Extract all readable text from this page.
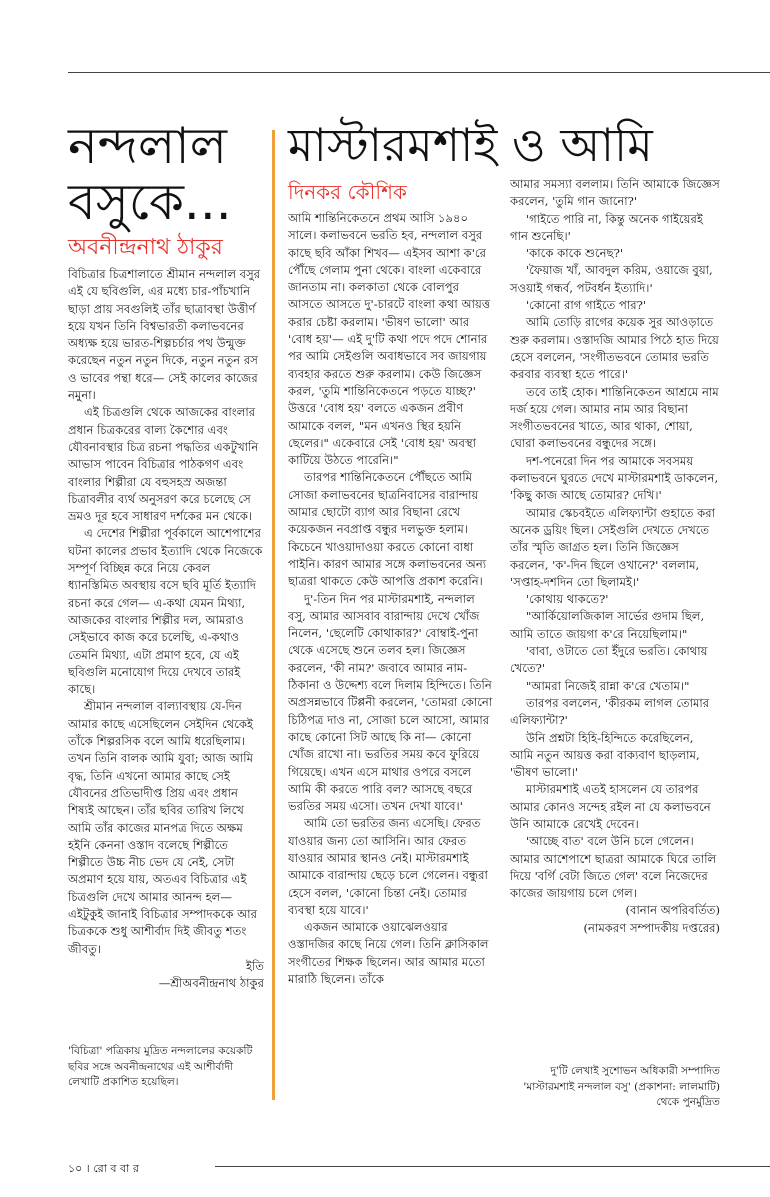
নন্দলাল বসুকে...
অবনীন্দ্রনাথ ঠাকুর
মাস্টারমশাই ও আমি
দিনকর কৌশিক

বিচিত্রার চিত্রশালাতে শ্রীমান নন্দলাল বসুর এই যে ছবিগুলি, এর মধ্যে চার-পাঁচখানি ছাড়া প্রায় সবগুলিই তাঁর ছাত্রাবস্থা উত্তীর্ণ হয়ে যখন তিনি বিশ্বভারতী কলাভবনের অধ্যক্ষ হয়ে ভারত-শিল্পচর্চার পথ উন্মুক্ত করেছেন নতুন নতুন দিকে, নতুন নতুন রস ও ভাবের পন্থা ধরে— সেই কালের কাজের নমুনা।

এই চিত্রগুলি থেকে আজকের বাংলার প্রধান চিত্রকরের বাল্য কৈশোর এবং যৌবনাবস্থার চিত্র রচনা পদ্ধতির একটুখানি আভাস পাবেন বিচিত্রার পাঠকগণ এবং বাংলার শিল্পীরা যে বহুসহস্র অজন্তা চিত্রাবলীর ব্যর্থ অনুসরণ করে চলেছে সে ভ্রমও দূর হবে সাধারণ দর্শকের মন থেকে।

এ দেশের শিল্পীরা পূর্বকালে আশেপাশের ঘটনা কালের প্রভাব ইত্যাদি থেকে নিজেকে সম্পূর্ণ বিচ্ছিন্ন করে নিয়ে কেবল ধ্যানস্তিমিত অবস্থায় বসে ছবি মূর্তি ইত্যাদি রচনা করে গেল— এ-কথা যেমন মিথ্যা, আজকের বাংলার শিল্পীর দল, আমরাও সেইভাবে কাজ করে চলেছি, এ-কথাও তেমনি মিথ্যা, এটা প্রমাণ হবে, যে এই ছবিগুলি মনোযোগ দিয়ে দেখবে তারই কাছে।

শ্রীমান নন্দলাল বাল্যাবস্থায় যে-দিন আমার কাছে এসেছিলেন সেইদিন থেকেই তাঁকে শিল্পরসিক বলে আমি ধরেছিলাম। তখন তিনি বালক আমি যুবা; আজ আমি বৃদ্ধ, তিনি এখনো আমার কাছে সেই যৌবনের প্রতিভাদীপ্ত প্রিয় এবং প্রধান শিষ্যই আছেন। তাঁর ছবির তারিখ লিখে আমি তাঁর কাজের মানপত্র দিতে অক্ষম হইনি কেননা ওস্তাদ বলেছে শিল্পীতে শিল্পীতে উচ্চ নীচ ভেদ যে নেই, সেটা অপ্রমাণ হয়ে যায়, অতএব বিচিত্রার এই চিত্রগুলি দেখে আমার আনন্দ হল— এইটুকুই জানাই বিচিত্রার সম্পাদককে আর চিত্রককে শুধু আশীর্বাদ দিই জীবতু শতং জীবতু।

ইতি
—শ্রীঅবনীন্দ্রনাথ ঠাকুর

'বিচিত্রা' পত্রিকায় মুদ্রিত নন্দলালের কয়েকটি ছবির সঙ্গে অবনীন্দ্রনাথের এই আশীর্বাদী লেখাটি প্রকাশিত হয়েছিল।

আমি শান্তিনিকেতনে প্রথম আসি ১৯৪০ সালে। কলাভবনে ভরতি হব, নন্দলাল বসুর কাছে ছবি আঁকা শিখব— এইসব আশা ক'রে পৌঁছে গেলাম পুনা থেকে। বাংলা একেবারে জানতাম না। কলকাতা থেকে বোলপুর আসতে আসতে দু'-চারটে বাংলা কথা আয়ত্ত করার চেষ্টা করলাম। 'ভীষণ ভালো' আর 'বোধ হয়'— এই দু'টি কথা পদে পদে শোনার পর আমি সেইগুলি অবাধভাবে সব জায়গায় ব্যবহার করতে শুরু করলাম। কেউ জিজ্ঞেস করল, 'তুমি শান্তিনিকেতনে পড়তে যাচ্ছ?' উত্তরে 'বোধ হয়' বলতে একজন প্রবীণ আমাকে বলল, "মন এখনও স্থির হয়নি ছেলের।" একেবারে সেই 'বোধ হয়' অবস্থা কাটিয়ে উঠতে পারেনি।"

তারপর শান্তিনিকেতনে পৌঁছতে আমি সোজা কলাভবনের ছাত্রনিবাসের বারান্দায় আমার ছোটো ব্যাগ আর বিছানা রেখে কয়েকজন নবপ্রাপ্ত বন্ধুর দলভুক্ত হলাম। কিচেনে খাওয়াদাওয়া করতে কোনো বাধা পাইনি। কারণ আমার সঙ্গে কলাভবনের অন্য ছাত্ররা থাকতে কেউ আপত্তি প্রকাশ করেনি।

দু'-তিন দিন পর মাস্টারমশাই, নন্দলাল বসু, আমার আসবাব বারান্দায় দেখে খোঁজ নিলেন, 'ছেলেটি কোথাকার?' বোম্বাই-পুনা থেকে এসেছে শুনে তলব হল। জিজ্ঞেস করলেন, 'কী নাম?' জবাবে আমার নাম-ঠিকানা ও উদ্দেশ্য বলে দিলাম হিন্দিতে। তিনি অপ্রসন্নভাবে টিপ্পনী করলেন, 'তোমরা কোনো চিঠিপত্র দাও না, সোজা চলে আসো, আমার কাছে কোনো সিট আছে কি না— কোনো খোঁজ রাখো না। ভরতির সময় কবে ফুরিয়ে গিয়েছে। এখন এসে মাথার ওপরে বসলে আমি কী করতে পারি বল? আসছে বছরে ভরতির সময় এসো। তখন দেখা যাবে।'

আমি তো ভরতির জন্য এসেছি। ফেরত যাওয়ার জন্য তো আসিনি। আর ফেরত যাওয়ার আমার স্থানও নেই। মাস্টারমশাই আমাকে বারান্দায় ছেড়ে চলে গেলেন। বন্ধুরা হেসে বলল, 'কোনো চিন্তা নেই। তোমার ব্যবস্থা হয়ে যাবে।'

একজন আমাকে ওয়াঝেলওয়ার ওস্তাদজির কাছে নিয়ে গেল। তিনি ক্লাসিকাল সংগীতের শিক্ষক ছিলেন। আর আমার মতো মারাঠি ছিলেন। তাঁকে

আমার সমস্যা বললাম। তিনি আমাকে জিজ্ঞেস করলেন, 'তুমি গান জানো?'

'গাইতে পারি না, কিন্তু অনেক গাইয়েরই গান শুনেছি।'

'কাকে কাকে শুনেছ?'

'ফৈয়াজ খাঁ, আবদুল করিম, ওয়াজে বুয়া, সওয়াই গন্ধর্ব, পটবর্ধন ইত্যাদি।'

'কোনো রাগ গাইতে পার?'

আমি তোড়ি রাগের কয়েক সুর আওড়াতে শুরু করলাম। ওস্তাদজি আমার পিঠে হাত দিয়ে হেসে বললেন, 'সংগীতভবনে তোমার ভরতি করবার ব্যবস্থা হতে পারে।'

তবে তাই হোক। শান্তিনিকেতন আশ্রমে নাম দর্জ হয়ে গেল। আমার নাম আর বিছানা সংগীতভবনের খাতে, আর থাকা, শোয়া, ঘোরা কলাভবনের বন্ধুদের সঙ্গে।

দশ-পনেরো দিন পর আমাকে সবসময় কলাভবনে ঘুরতে দেখে মাস্টারমশাই ডাকলেন, 'কিছু কাজ আছে তোমার? দেখি।'

আমার স্কেচবইতে এলিফ্যান্টা গুহাতে করা অনেক ড্রয়িং ছিল। সেইগুলি দেখতে দেখতে তাঁর স্মৃতি জাগ্রত হল। তিনি জিজ্ঞেস করলেন, 'ক'-দিন ছিলে ওখানে?' বললাম, 'সপ্তাহ-দশদিন তো ছিলামই।'

'কোথায় থাকতে?'

"আর্কিয়োলজিকাল সার্ভের গুদাম ছিল, আমি তাতে জায়গা ক'রে নিয়েছিলাম।"

'বাবা, ওটাতে তো ইঁদুরে ভরতি। কোথায় খেতে?'

"আমরা নিজেই রান্না ক'রে খেতাম।"

তারপর বললেন, 'কীরকম লাগল তোমার এলিফ্যান্টা?'

উনি প্রশ্নটা হিহি-হিন্দিতে করেছিলেন, আমি নতুন আয়ত্ত করা বাক্যবাণ ছাড়লাম, 'ভীষণ ভালো।'

মাস্টারমশাই এতই হাসলেন যে তারপর আমার কোনও সন্দেহ রইল না যে কলাভবনে উনি আমাকে রেখেই দেবেন।

'আচ্ছে বাত' বলে উনি চলে গেলেন। আমার আশেপাশে ছাত্ররা আমাকে ঘিরে তালি দিয়ে 'বর্গি বেটা জিতে গেল' বলে নিজেদের কাজের জায়গায় চলে গেল।

(বানান অপরিবর্তিত)
(নামকরণ সম্পাদকীয় দপ্তরের)

দু'টি লেখাই সুশোভন অধিকারী সম্পাদিত 'মাস্টারমশাই নন্দলাল বসু' (প্রকাশনা: লালমাটি) থেকে পুনর্মুদ্রিত

১০ । রো ব বা র
